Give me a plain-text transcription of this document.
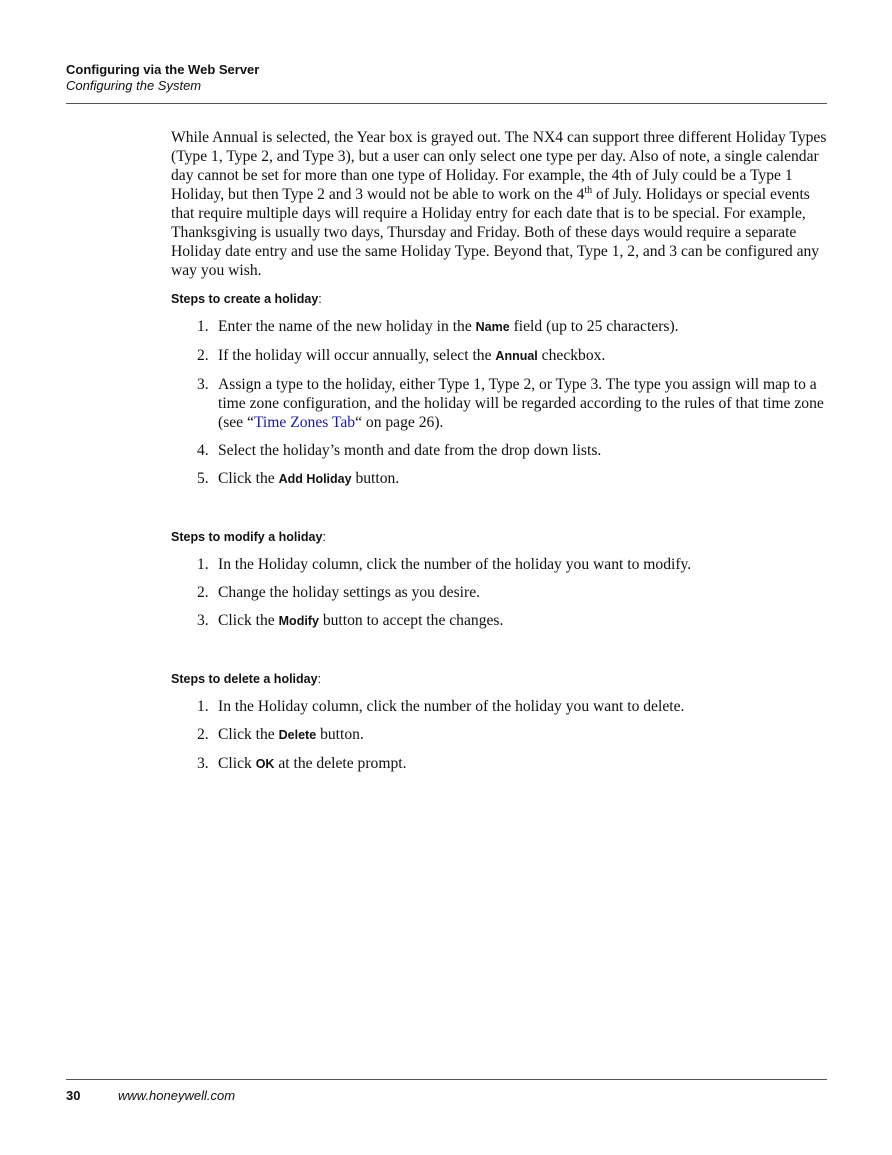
Configuring via the Web Server
Configuring the System

While Annual is selected, the Year box is grayed out. The NX4 can support three different Holiday Types (Type 1, Type 2, and Type 3), but a user can only select one type per day. Also of note, a single calendar day cannot be set for more than one type of Holiday. For example, the 4th of July could be a Type 1 Holiday, but then Type 2 and 3 would not be able to work on the 4th of July. Holidays or special events that require multiple days will require a Holiday entry for each date that is to be special. For example, Thanksgiving is usually two days, Thursday and Friday. Both of these days would require a separate Holiday date entry and use the same Holiday Type. Beyond that, Type 1, 2, and 3 can be configured any way you wish.

Steps to create a holiday:
1. Enter the name of the new holiday in the Name field (up to 25 characters).
2. If the holiday will occur annually, select the Annual checkbox.
3. Assign a type to the holiday, either Type 1, Type 2, or Type 3. The type you assign will map to a time zone configuration, and the holiday will be regarded according to the rules of that time zone (see “Time Zones Tab“ on page 26).
4. Select the holiday’s month and date from the drop down lists.
5. Click the Add Holiday button.
Steps to modify a holiday:
1. In the Holiday column, click the number of the holiday you want to modify.
2. Change the holiday settings as you desire.
3. Click the Modify button to accept the changes.
Steps to delete a holiday:
1. In the Holiday column, click the number of the holiday you want to delete.
2. Click the Delete button.
3. Click OK at the delete prompt.
30	www.honeywell.com
